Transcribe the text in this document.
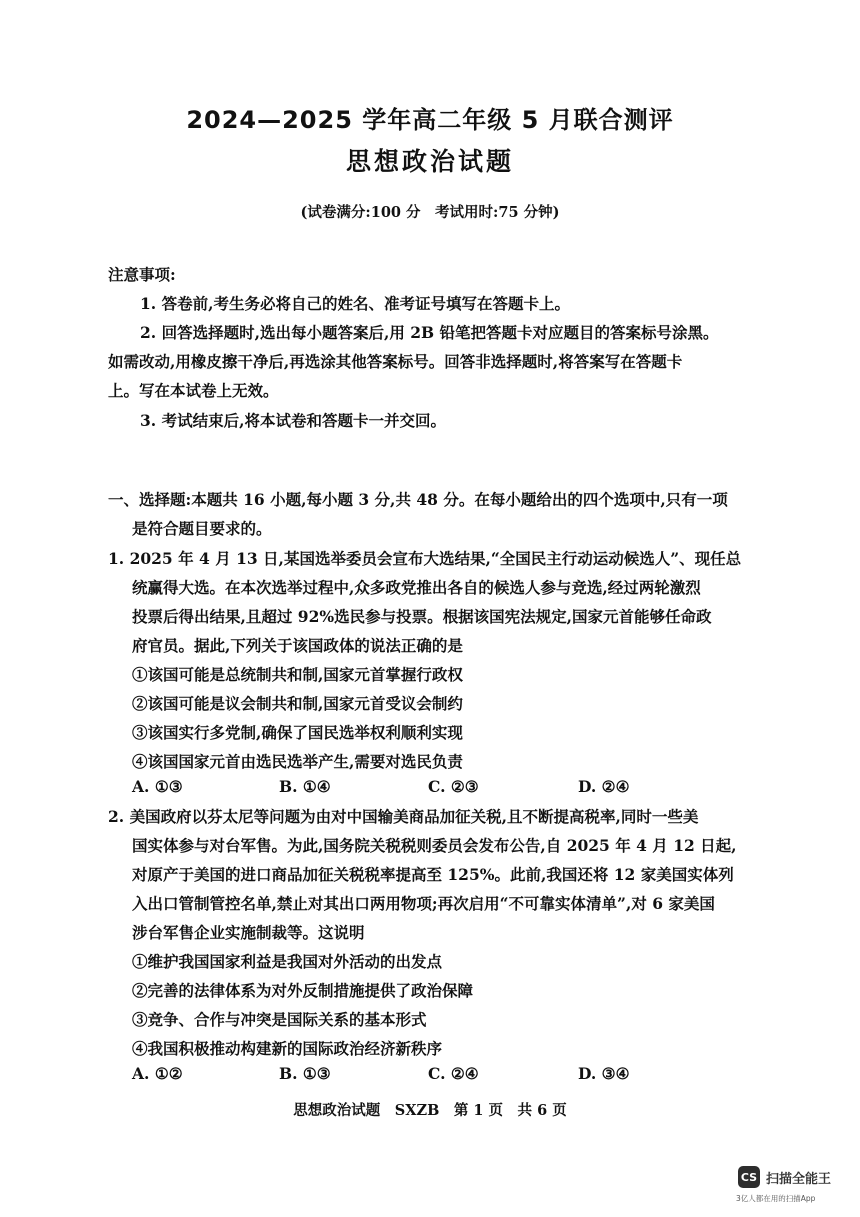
2024—2025 学年高二年级 5 月联合测评
思想政治试题
(试卷满分:100 分　考试用时:75 分钟)
注意事项:
1. 答卷前,考生务必将自己的姓名、准考证号填写在答题卡上。
2. 回答选择题时,选出每小题答案后,用 2B 铅笔把答题卡对应题目的答案标号涂黑。
如需改动,用橡皮擦干净后,再选涂其他答案标号。回答非选择题时,将答案写在答题卡
上。写在本试卷上无效。
3. 考试结束后,将本试卷和答题卡一并交回。
一、选择题:本题共 16 小题,每小题 3 分,共 48 分。在每小题给出的四个选项中,只有一项
是符合题目要求的。
1. 2025 年 4 月 13 日,某国选举委员会宣布大选结果,“全国民主行动运动候选人”、现任总
统赢得大选。在本次选举过程中,众多政党推出各自的候选人参与竞选,经过两轮激烈
投票后得出结果,且超过 92%选民参与投票。根据该国宪法规定,国家元首能够任命政
府官员。据此,下列关于该国政体的说法正确的是
①该国可能是总统制共和制,国家元首掌握行政权
②该国可能是议会制共和制,国家元首受议会制约
③该国实行多党制,确保了国民选举权利顺利实现
④该国国家元首由选民选举产生,需要对选民负责
A. ①③	B. ①④	C. ②③	D. ②④
2. 美国政府以芬太尼等问题为由对中国输美商品加征关税,且不断提高税率,同时一些美
国实体参与对台军售。为此,国务院关税税则委员会发布公告,自 2025 年 4 月 12 日起,
对原产于美国的进口商品加征关税税率提高至 125%。此前,我国还将 12 家美国实体列
入出口管制管控名单,禁止对其出口两用物项;再次启用“不可靠实体清单”,对 6 家美国
涉台军售企业实施制裁等。这说明
①维护我国国家利益是我国对外活动的出发点
②完善的法律体系为对外反制措施提供了政治保障
③竞争、合作与冲突是国际关系的基本形式
④我国积极推动构建新的国际政治经济新秩序
A. ①②	B. ①③	C. ②④	D. ③④
思想政治试题　SXZB　第 1 页　共 6 页
CS 扫描全能王
3亿人都在用的扫描App
